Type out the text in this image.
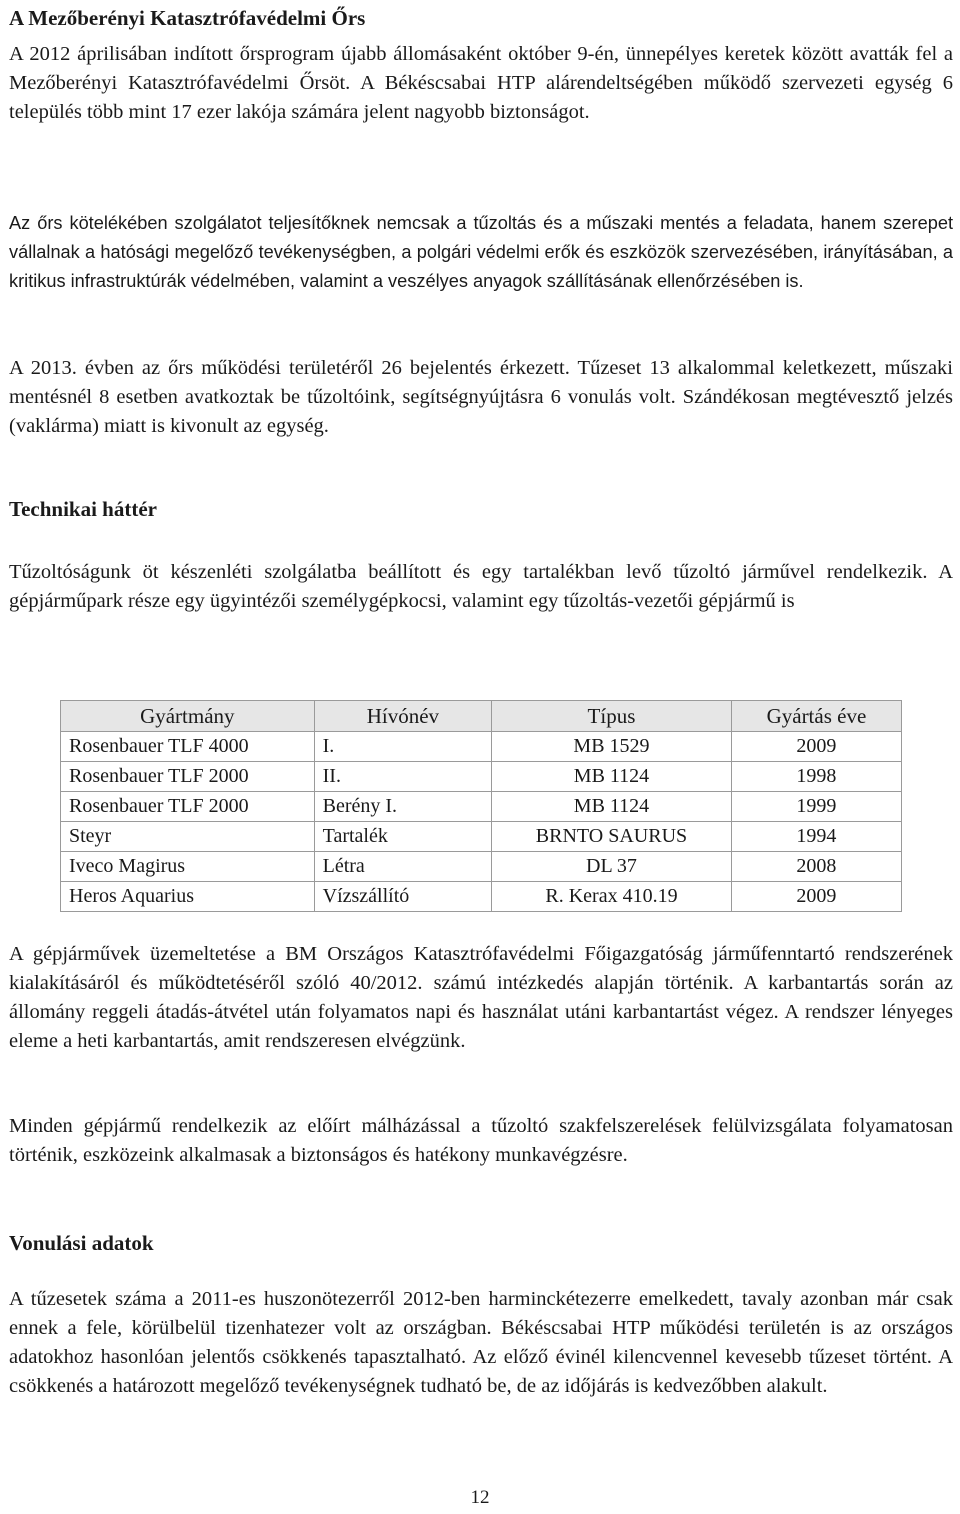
A Mezőberényi Katasztrófavédelmi Őrs

A 2012 áprilisában indított őrsprogram újabb állomásaként október 9-én, ünnepélyes keretek között avatták fel a Mezőberényi Katasztrófavédelmi Őrsöt. A Békéscsabai HTP alárendeltségében működő szervezeti egység 6 település több mint 17 ezer lakója számára jelent nagyobb biztonságot.

Az őrs kötelékében szolgálatot teljesítőknek nemcsak a tűzoltás és a műszaki mentés a feladata, hanem szerepet vállalnak a hatósági megelőző tevékenységben, a polgári védelmi erők és eszközök szervezésében, irányításában, a kritikus infrastruktúrák védelmében, valamint a veszélyes anyagok szállításának ellenőrzésében is.

A 2013. évben az őrs működési területéről 26 bejelentés érkezett. Tűzeset 13 alkalommal keletkezett, műszaki mentésnél 8 esetben avatkoztak be tűzoltóink, segítségnyújtásra 6 vonulás volt. Szándékosan megtévesztő jelzés (vaklárma) miatt is kivonult az egység.

Technikai háttér

Tűzoltóságunk öt készenléti szolgálatba beállított és egy tartalékban levő tűzoltó járművel rendelkezik. A gépjárműpark része egy ügyintézői személygépkocsi, valamint egy tűzoltás-vezetői gépjármű is

Gyártmány	Hívónév	Típus	Gyártás éve
Rosenbauer TLF 4000	I.	MB 1529	2009
Rosenbauer TLF 2000	II.	MB 1124	1998
Rosenbauer TLF 2000	Berény I.	MB 1124	1999
Steyr	Tartalék	BRNTO SAURUS	1994
Iveco Magirus	Létra	DL 37	2008
Heros Aquarius	Vízszállító	R. Kerax 410.19	2009

A gépjárművek üzemeltetése a BM Országos Katasztrófavédelmi Főigazgatóság járműfenntartó rendszerének kialakításáról és működtetéséről szóló 40/2012. számú intézkedés alapján történik. A karbantartás során az állomány reggeli átadás-átvétel után folyamatos napi és használat utáni karbantartást végez. A rendszer lényeges eleme a heti karbantartás, amit rendszeresen elvégzünk.

Minden gépjármű rendelkezik az előírt málházással a tűzoltó szakfelszerelések felülvizsgálata folyamatosan történik, eszközeink alkalmasak a biztonságos és hatékony munkavégzésre.

Vonulási adatok

A tűzesetek száma a 2011-es huszonötezerről 2012-ben harminckétezerre emelkedett, tavaly azonban már csak ennek a fele, körülbelül tizenhatezer volt az országban. Békéscsabai HTP működési területén is az országos adatokhoz hasonlóan jelentős csökkenés tapasztalható. Az előző évinél kilencvennel kevesebb tűzeset történt. A csökkenés a határozott megelőző tevékenységnek tudható be, de az időjárás is kedvezőbben alakult.

12
